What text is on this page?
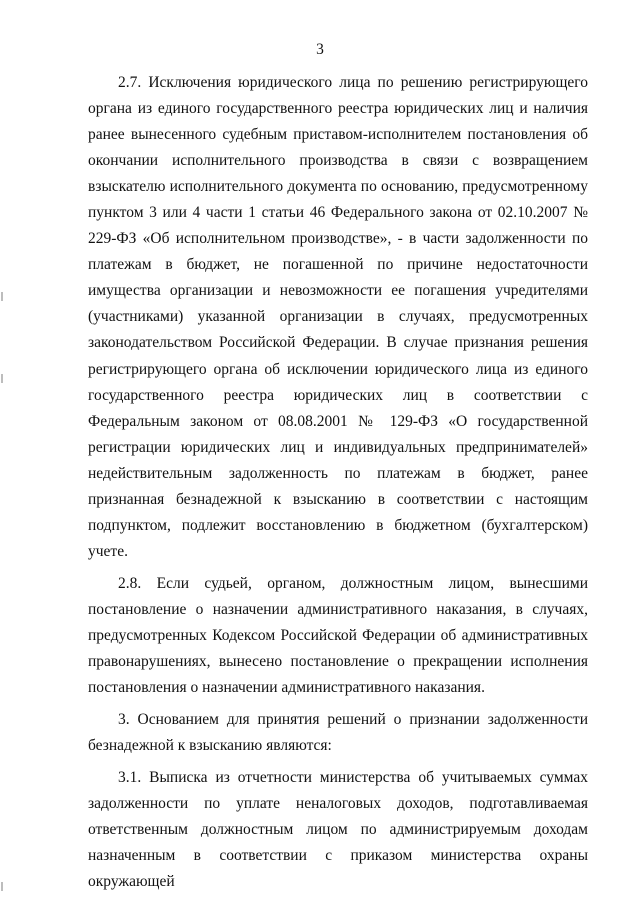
3

2.7. Исключения юридического лица по решению регистрирующего органа из единого государственного реестра юридических лиц и наличия ранее вынесенного судебным приставом-исполнителем постановления об окончании исполнительного производства в связи с возвращением взыскателю исполнительного документа по основанию, предусмотренному пунктом 3 или 4 части 1 статьи 46 Федерального закона от 02.10.2007 № 229-ФЗ «Об исполнительном производстве», - в части задолженности по платежам в бюджет, не погашенной по причине недостаточности имущества организации и невозможности ее погашения учредителями (участниками) указанной организации в случаях, предусмотренных законодательством Российской Федерации. В случае признания решения регистрирующего органа об исключении юридического лица из единого государственного реестра юридических лиц в соответствии с Федеральным законом от 08.08.2001 № 129-ФЗ «О государственной регистрации юридических лиц и индивидуальных предпринимателей» недействительным задолженность по платежам в бюджет, ранее признанная безнадежной к взысканию в соответствии с настоящим подпунктом, подлежит восстановлению в бюджетном (бухгалтерском) учете.

2.8. Если судьей, органом, должностным лицом, вынесшими постановление о назначении административного наказания, в случаях, предусмотренных Кодексом Российской Федерации об административных правонарушениях, вынесено постановление о прекращении исполнения постановления о назначении административного наказания.

3. Основанием для принятия решений о признании задолженности безнадежной к взысканию являются:

3.1. Выписка из отчетности министерства об учитываемых суммах задолженности по уплате неналоговых доходов, подготавливаемая ответственным должностным лицом по администрируемым доходам назначенным в соответствии с приказом министерства охраны окружающей
